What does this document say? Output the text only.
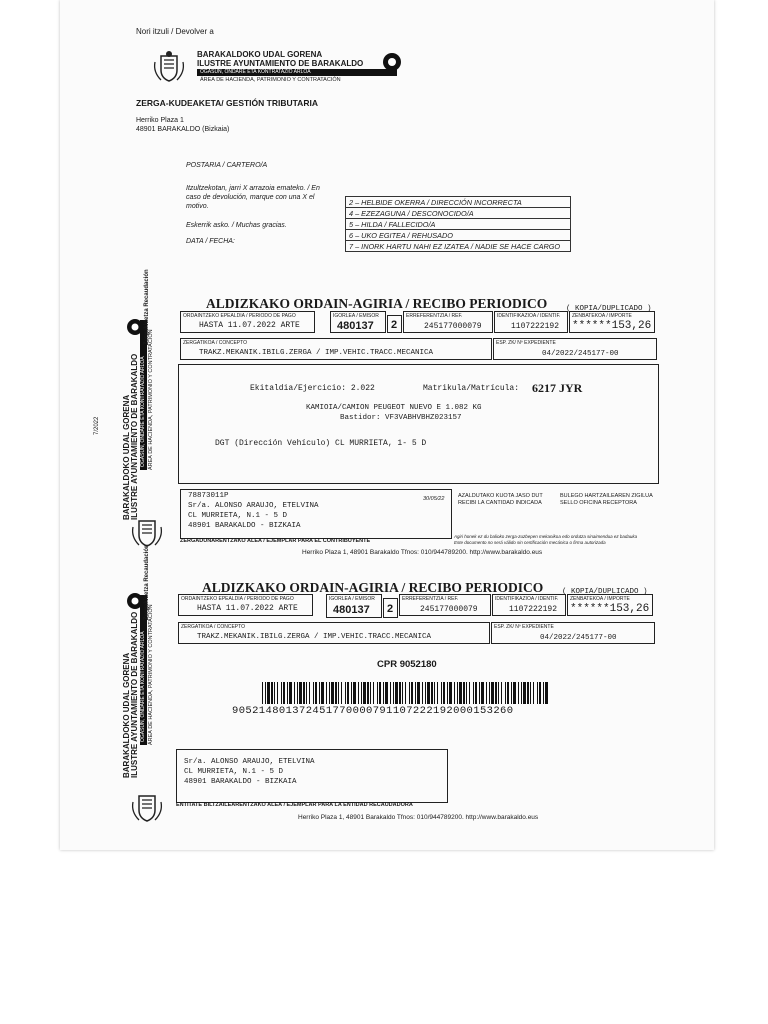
Nori itzuli / Devolver a
BARAKALDOKO UDAL GORENA
ILUSTRE AYUNTAMIENTO DE BARAKALDO
OGASUN, ONDARE ETA KONTRATAZIO ARLOA
ÁREA DE HACIENDA, PATRIMONIO Y CONTRATACIÓN
ZERGA-KUDEAKETA/ GESTIÓN TRIBUTARIA
Herriko Plaza 1
48901 BARAKALDO (Bizkaia)
POSTARIA / CARTERO/A
Itzultzekotan, jarri X arrazoia emateko. / En caso de devolución, marque con una X el motivo.
Eskerrik asko. / Muchas gracias.
DATA / FECHA:
2 – HELBIDE OKERRA / DIRECCIÓN INCORRECTA
4 – EZEZAGUNA / DESCONOCIDO/A
5 – HILDA / FALLECIDO/A
6 – UKO EGITEA / REHUSADO
7 – INORK HARTU NAHI EZ IZATEA / NADIE SE HACE CARGO
BARAKALDOKO UDAL GORENA ILUSTRE AYUNTAMIENTO DE BARAKALDO OGASUN, ONDARE ETA KONTRATAZIO ARLOA ÁREA DE HACIENDA, PATRIMONIO Y CONTRATACIÓN
Zergakidetza Recaudación
7/2022
ALDIZKAKO ORDAIN-AGIRIA / RECIBO PERIODICO ( KOPIA/DUPLICADO )
ORDAINTZEKO EPEALDIA / PERIODO DE PAGO
HASTA 11.07.2022 ARTE
IGORLEA / EMISOR
480137 2
ERREFERENTZIA / REF.
245177000079
IDENTIFIKAZIOA / IDENTIF.
1107222192
ZENBATEKOA / IMPORTE
******153,26
ZERGATIKOA / CONCEPTO
TRAKZ.MEKANIK.IBILG.ZERGA / IMP.VEHIC.TRACC.MECANICA
ESP. ZK/ Nº EXPEDIENTE
04/2022/245177-00
Ekitaldia/Ejercicio: 2.022	Matrikula/Matrícula: 6217 JYR
KAMIOIA/CAMION PEUGEOT NUEVO E 1.082 KG
Bastidor: VF3VABHVBHZ023157
DGT (Dirección Vehículo) CL MURRIETA, 1- 5 D
78873011P
Sr/a. ALONSO ARAUJO, ETELVINA
CL MURRIETA, N.1 - 5 D
48901 BARAKALDO - BIZKAIA
30/05/22 AZALDUTAKO KUOTA JASO DUT
RECIBI LA CANTIDAD INDICADA
BULEGO HARTZAILEAREN ZIGILUA
SELLO OFICINA RECEPTORA
Agiri honek ez du balioko zerga-zuzbepen mekanikoa edo ordutza sinaimendua ez badauka
Este documento no será válido sin certificación mecánica o firma autorizada
ZERGADUNARENTZAKO ALEA / EJEMPLAR PARA EL CONTRIBUYENTE
Herriko Plaza 1, 48901 Barakaldo Tfnos: 010/944789200. http://www.barakaldo.eus
BARAKALDOKO UDAL GORENA ILUSTRE AYUNTAMIENTO DE BARAKALDO OGASUN, ONDARE ETA KONTRATAZIO ARLOA ÁREA DE HACIENDA, PATRIMONIO Y CONTRATACIÓN
Zergakidetza Recaudación	ALDIZKAKO ORDAIN-AGIRIA / RECIBO PERIODICO ( KOPIA/DUPLICADO )
ORDAINTZEKO EPEALDIA / PERIODO DE PAGO
HASTA 11.07.2022 ARTE
IGORLEA / EMISOR
480137 2
ERREFERENTZIA / REF.
245177000079
IDENTIFIKAZIOA / IDENTIF.
1107222192
ZENBATEKOA / IMPORTE
******153,26
ZERGATIKOA / CONCEPTO
TRAKZ.MEKANIK.IBILG.ZERGA / IMP.VEHIC.TRACC.MECANICA
ESP. ZK/ Nº EXPEDIENTE
04/2022/245177-00
CPR 9052180
90521480137245177000079110722219200015326​0
Sr/a. ALONSO ARAUJO, ETELVINA
CL MURRIETA, N.1 - 5 D
48901 BARAKALDO - BIZKAIA
ENTITATE BILTZAILEARENTZAKO ALEA / EJEMPLAR PARA LA ENTIDAD RECAUDADORA
Herriko Plaza 1, 48901 Barakaldo Tfnos: 010/944789200. http://www.barakaldo.eus
